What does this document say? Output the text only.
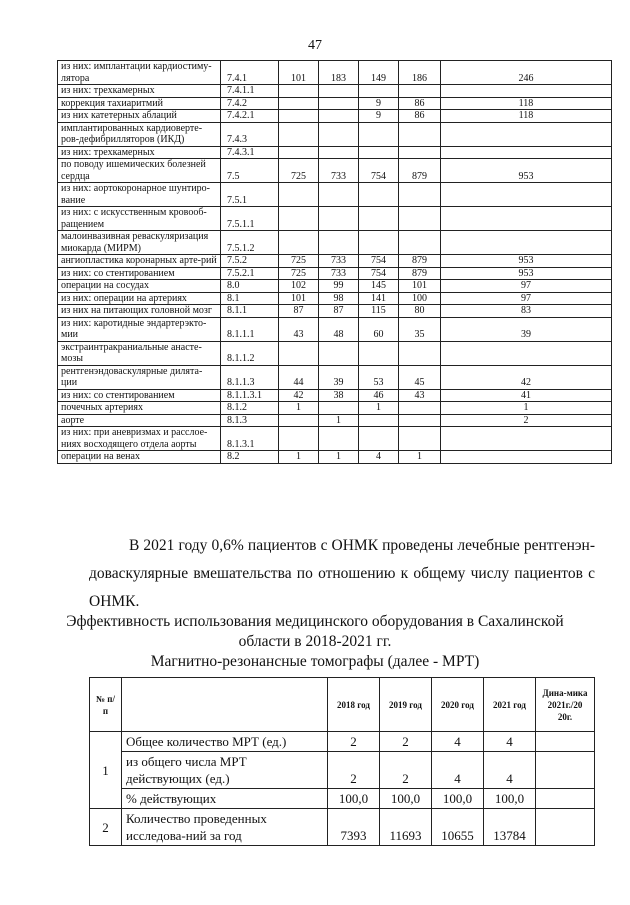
47
из них: имплантации кардиостиму-лятора	7.4.1	101	183	149	186	246
из них: трехкамерных	7.4.1.1					
коррекция тахиаритмий	7.4.2			9	86	118
из них катетерных аблаций	7.4.2.1			9	86	118
имплантированных кардиоверте-ров-дефибрилляторов (ИКД)	7.4.3					
из них: трехкамерных	7.4.3.1					
по поводу ишемических болезней сердца	7.5	725	733	754	879	953
из них: аортокоронарное шунтиро-вание	7.5.1					
из них: с искусственным кровооб-ращением	7.5.1.1					
малоинвазивная реваскуляризация миокарда (МИРМ)	7.5.1.2					
ангиопластика коронарных арте-рий	7.5.2	725	733	754	879	953
из них: со стентированием	7.5.2.1	725	733	754	879	953
операции на сосудах	8.0	102	99	145	101	97
из них: операции на артериях	8.1	101	98	141	100	97
из них на питающих головной мозг	8.1.1	87	87	115	80	83
из них: каротидные эндартерэкто-мии	8.1.1.1	43	48	60	35	39
экстраинтракраниальные анасте-мозы	8.1.1.2					
рентгенэндоваскулярные дилята-ции	8.1.1.3	44	39	53	45	42
из них: со стентированием	8.1.1.3.1	42	38	46	43	41
почечных артериях	8.1.2	1		1		1
аорте	8.1.3		1			2
из них: при аневризмах и расслое-ниях восходящего отдела аорты	8.1.3.1					
операции на венах	8.2	1	1	4	1	
В 2021 году 0,6% пациентов с ОНМК проведены лечебные рентгенэн-доваскулярные вмешательства по отношению к общему числу пациентов с ОНМК.
Эффективность использования медицинского оборудования в Сахалинской
области в 2018-2021 гг.
Магнитно-резонансные томографы (далее - МРТ)
№ п/п		2018 год	2019 год	2020 год	2021 год	Дина-мика 2021г./20 20г.
1	Общее количество МРТ (ед.)	2	2	4	4	
	из общего числа МРТ действующих (ед.)	2	2	4	4	
	% действующих	100,0	100,0	100,0	100,0	
2	Количество проведенных исследова-ний за год	7393	11693	10655	13784	
